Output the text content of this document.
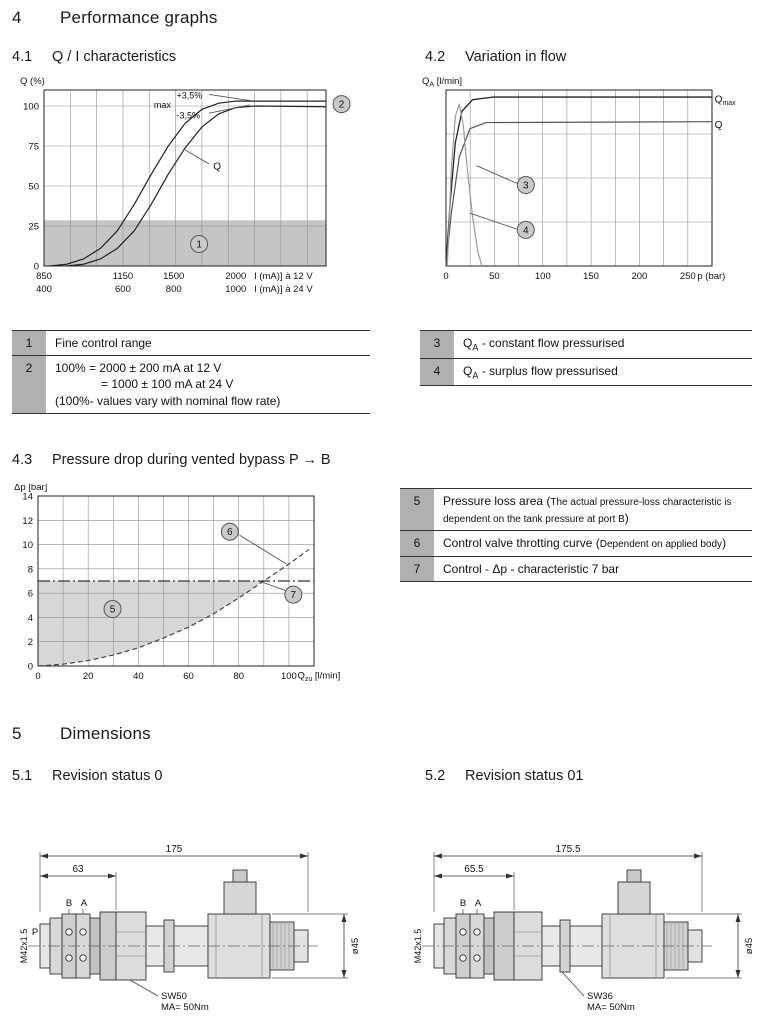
4	Performance graphs
4.1	Q / I characteristics	4.2	Variation in flow
850
400
1150
600
1500
800
2000
1000
0
25
50
75
100
Q (%)
max
+3,5%
-3,5%
Q
I (mA)] à 12 V
I (mA)] à 24 V
1
2
0	50	100	150	200	250
$Q_A$ [l/min]
$Q_{max}$
Q
p (bar)
3
4
1	Fine control range
2	100% = 2000 ± 200 mA at 12 V
= 1000 ± 100 mA at 24 V
(100%- values vary with nominal flow rate)
3	$Q_A$ - constant flow pressurised
4	$Q_A$ - surplus flow pressurised
4.3	Pressure drop during vented bypass P → B
0	20	40	60	80	100
0
2
4
6
8
10
12
14
Δp [bar]
$Q_{zu}$ [l/min]
5
6
7
5	Pressure loss area (The actual pressure-loss characteristic is dependent on the tank pressure at port B)
6	Control valve throtting curve (Dependent on applied body)
7	Control - Δp - characteristic 7 bar
5	Dimensions
5.1	Revision status 0	5.2	Revision status 01
175
63
B A
P
M42x1.5
SW50
MA= 50Nm
ø45
175.5
65.5
B A
M42x1.5
SW36
MA= 50Nm
ø45
